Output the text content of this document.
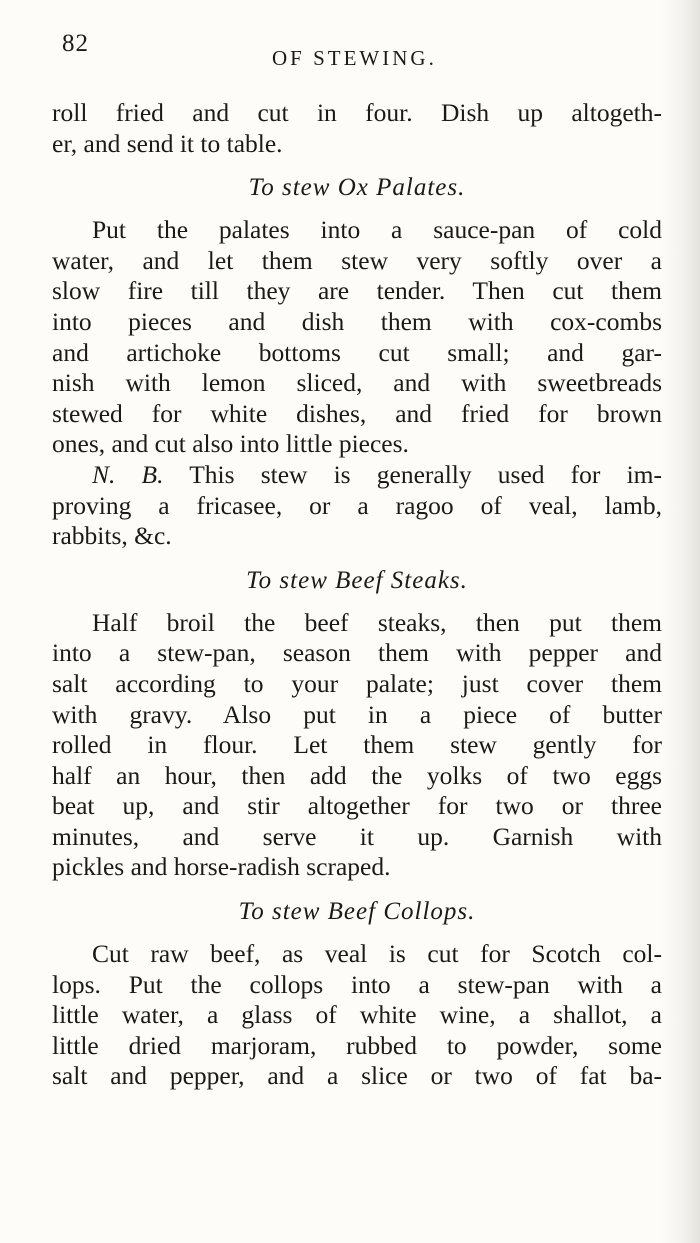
82
OF STEWING.
roll fried and cut in four. Dish up altogeth-
er, and send it to table.
To stew Ox Palates.
Put the palates into a sauce-pan of cold
water, and let them stew very softly over a
slow fire till they are tender. Then cut them
into pieces and dish them with cox-combs
and artichoke bottoms cut small; and gar-
nish with lemon sliced, and with sweetbreads
stewed for white dishes, and fried for brown
ones, and cut also into little pieces.
N. B. This stew is generally used for im-
proving a fricasee, or a ragoo of veal, lamb,
rabbits, &c.
To stew Beef Steaks.
Half broil the beef steaks, then put them
into a stew-pan, season them with pepper and
salt according to your palate; just cover them
with gravy. Also put in a piece of butter
rolled in flour. Let them stew gently for
half an hour, then add the yolks of two eggs
beat up, and stir altogether for two or three
minutes, and serve it up. Garnish with
pickles and horse-radish scraped.
To stew Beef Collops.
Cut raw beef, as veal is cut for Scotch col-
lops. Put the collops into a stew-pan with a
little water, a glass of white wine, a shallot, a
little dried marjoram, rubbed to powder, some
salt and pepper, and a slice or two of fat ba-
